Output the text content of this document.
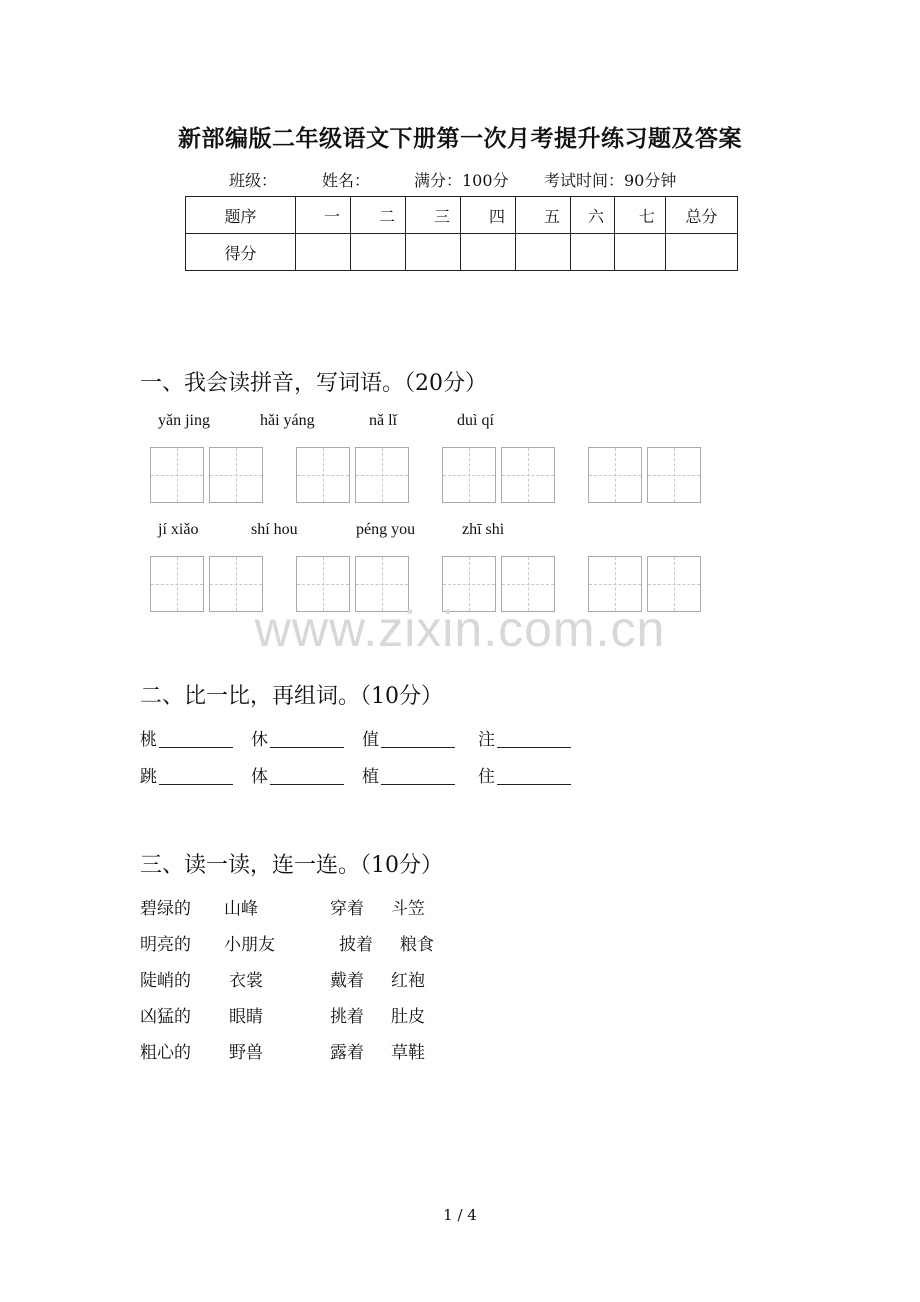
新部编版二年级语文下册第一次月考提升练习题及答案
班级：	姓名：	满分：100分 考试时间：90分钟
题序	一	二	三	四	五	六	七	总分
得分								
一、我会读拼音，写词语。（20分）
yǎn jing	hǎi yáng	nǎ lǐ	duì qí
jí xiǎo	shí hou	péng you	zhī shi
www.zixin.com.cn
二、比一比，再组词。（10分）
桃	休	值	注
跳	体	植	住
三、读一读，连一连。（10分）
碧绿的 山峰	穿着 斗笠
明亮的 小朋友	披着 粮食
陡峭的 衣裳	戴着 红袍
凶猛的 眼睛	挑着 肚皮
粗心的 野兽	露着 草鞋
1 / 4
